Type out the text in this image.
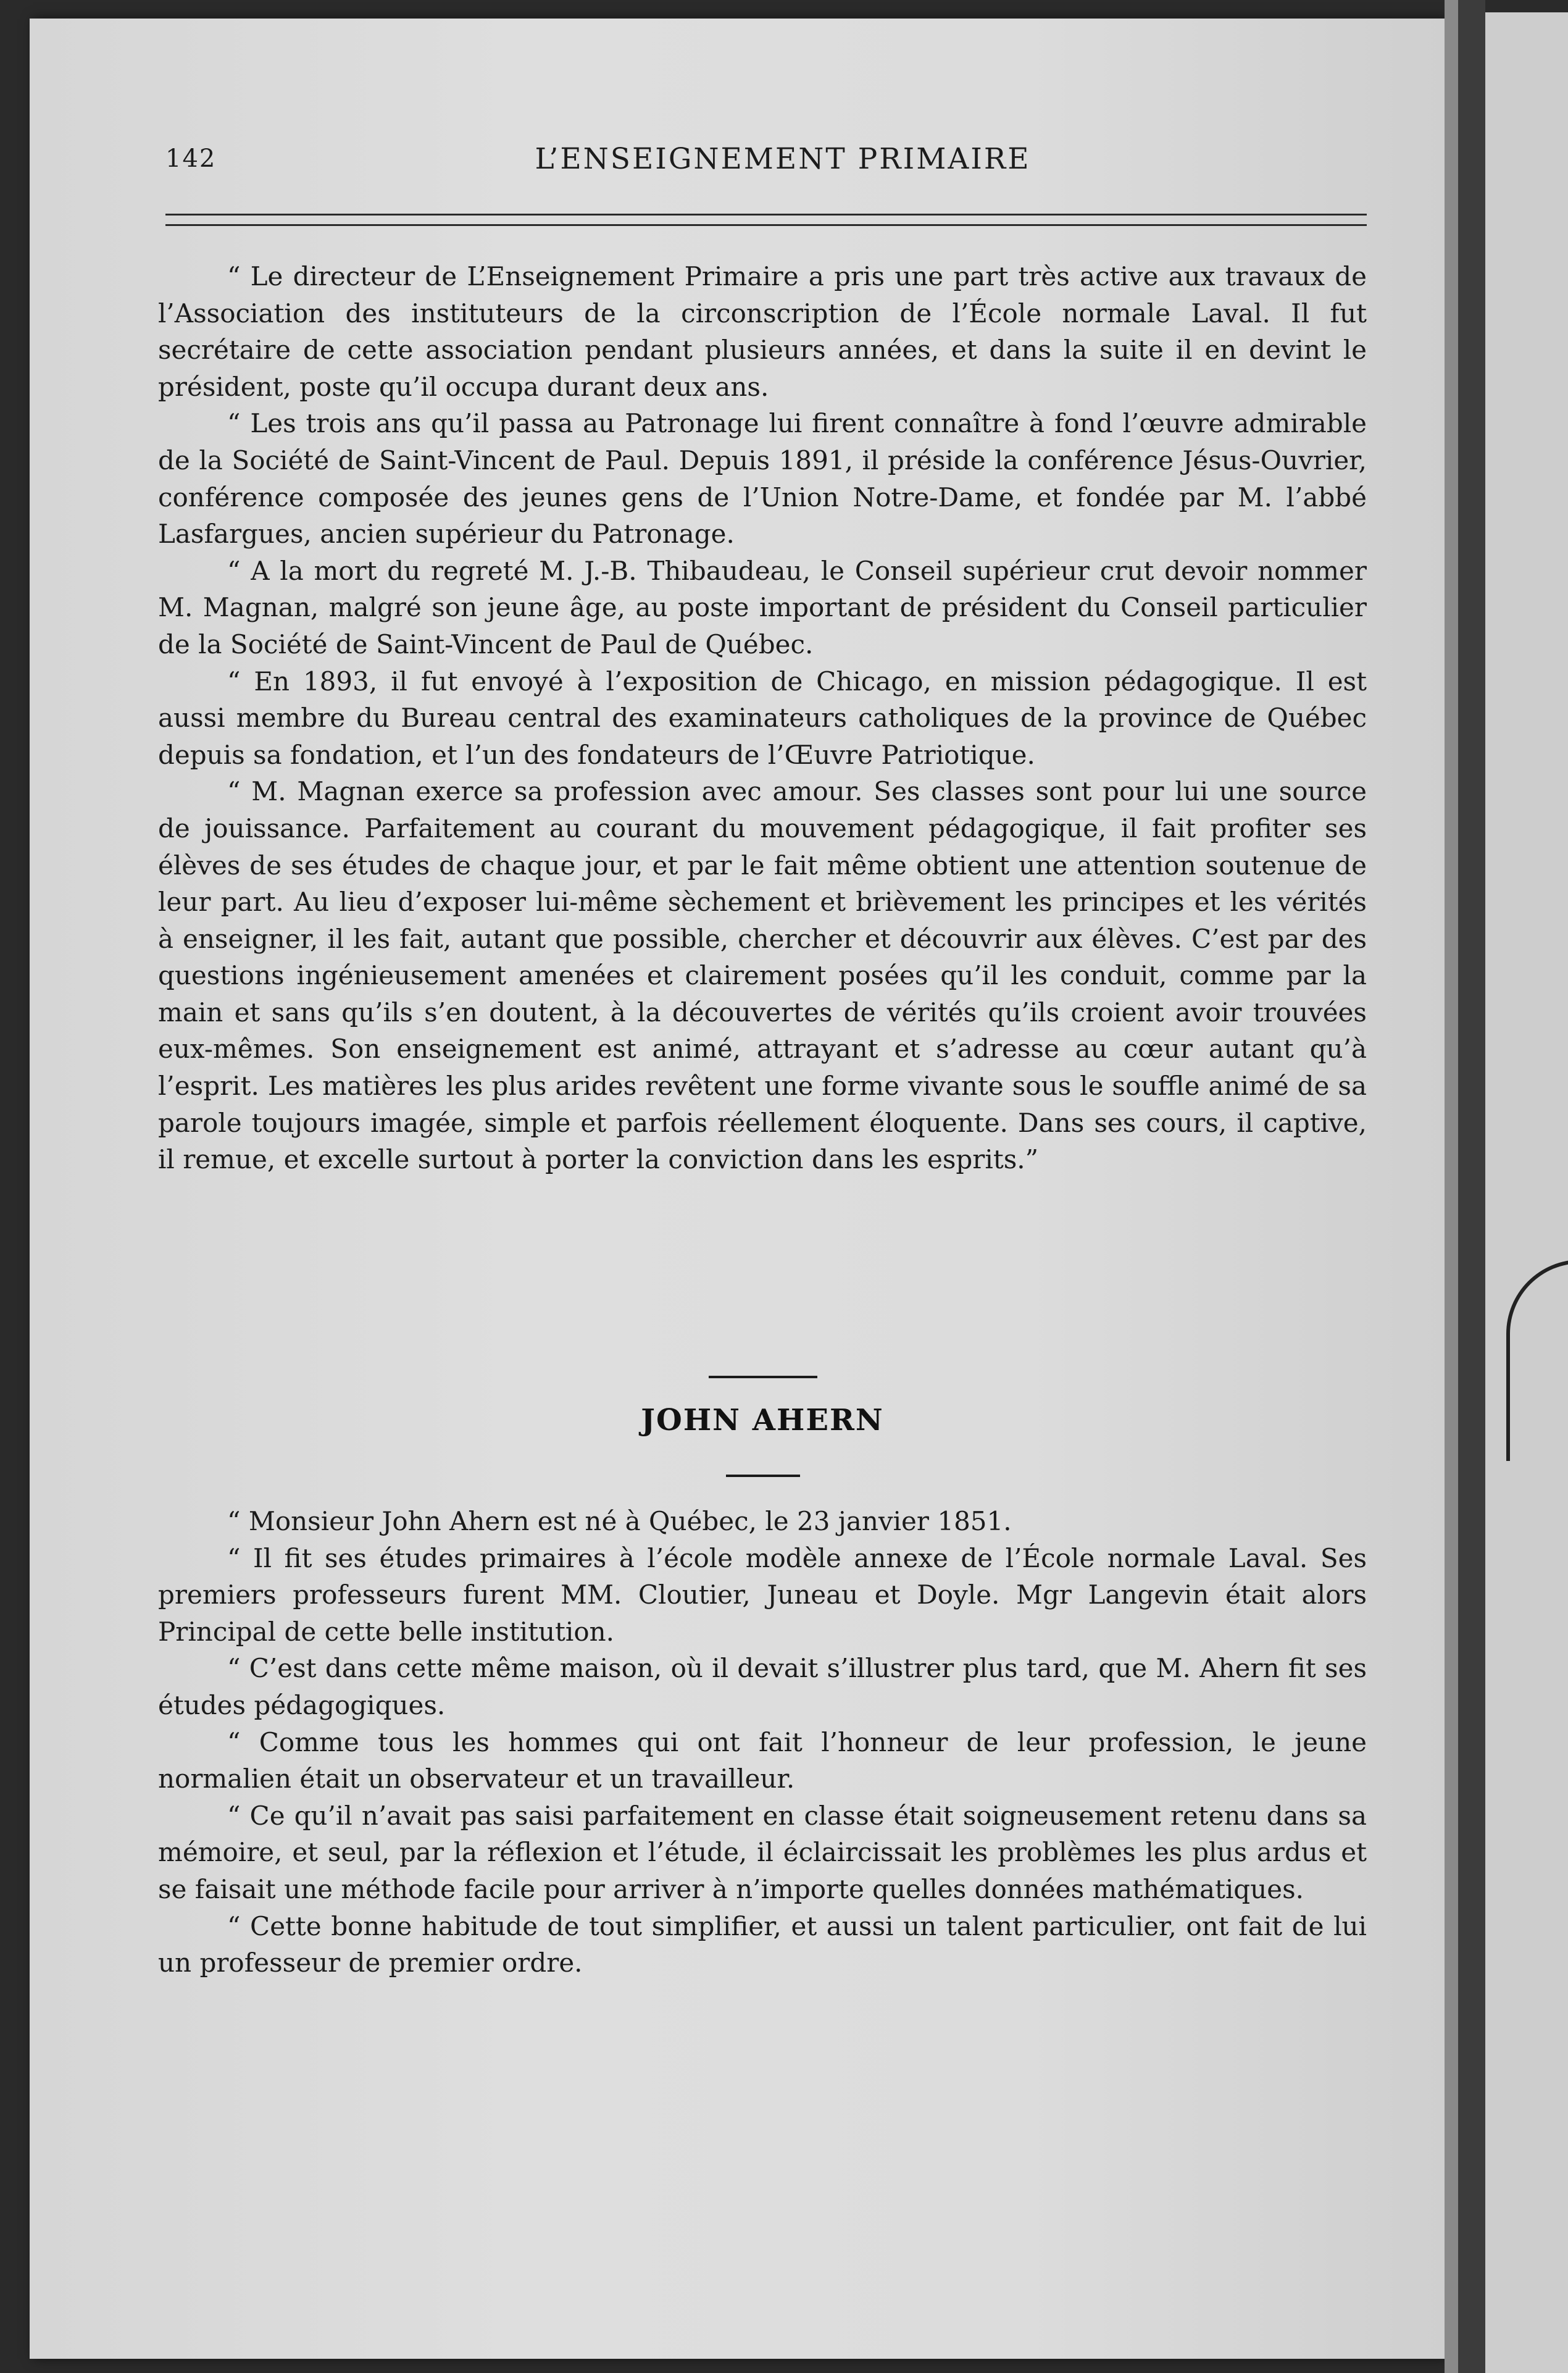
142	L’ENSEIGNEMENT PRIMAIRE

“ Le directeur de L’Enseignement Primaire a pris une part très active aux travaux de l’Association des instituteurs de la circonscription de l’École normale Laval. Il fut secrétaire de cette association pendant plusieurs années, et dans la suite il en devint le président, poste qu’il occupa durant deux ans.

“ Les trois ans qu’il passa au Patronage lui firent connaître à fond l’œuvre admirable de la Société de Saint-Vincent de Paul. Depuis 1891, il préside la conférence Jésus-Ouvrier, conférence composée des jeunes gens de l’Union Notre-Dame, et fondée par M. l’abbé Lasfargues, ancien supérieur du Patronage.

“ A la mort du regreté M. J.-B. Thibaudeau, le Conseil supérieur crut devoir nommer M. Magnan, malgré son jeune âge, au poste important de président du Conseil particulier de la Société de Saint-Vincent de Paul de Québec.

“ En 1893, il fut envoyé à l’exposition de Chicago, en mission pédagogique. Il est aussi membre du Bureau central des examinateurs catholiques de la province de Québec depuis sa fondation, et l’un des fondateurs de l’Œuvre Patriotique.

“ M. Magnan exerce sa profession avec amour. Ses classes sont pour lui une source de jouissance. Parfaitement au courant du mouvement pédagogique, il fait profiter ses élèves de ses études de chaque jour, et par le fait même obtient une attention soutenue de leur part. Au lieu d’exposer lui-même sèchement et brièvement les principes et les vérités à enseigner, il les fait, autant que possible, chercher et découvrir aux élèves. C’est par des questions ingénieusement amenées et clairement posées qu’il les conduit, comme par la main et sans qu’ils s’en doutent, à la découvertes de vérités qu’ils croient avoir trouvées eux-mêmes. Son enseignement est animé, attrayant et s’adresse au cœur autant qu’à l’esprit. Les matières les plus arides revêtent une forme vivante sous le souffle animé de sa parole toujours imagée, simple et parfois réellement éloquente. Dans ses cours, il captive, il remue, et excelle surtout à porter la conviction dans les esprits.”

JOHN AHERN

“ Monsieur John Ahern est né à Québec, le 23 janvier 1851.

“ Il fit ses études primaires à l’école modèle annexe de l’École normale Laval. Ses premiers professeurs furent MM. Cloutier, Juneau et Doyle. Mgr Langevin était alors Principal de cette belle institution.

“ C’est dans cette même maison, où il devait s’illustrer plus tard, que M. Ahern fit ses études pédagogiques.

“ Comme tous les hommes qui ont fait l’honneur de leur profession, le jeune normalien était un observateur et un travailleur.

“ Ce qu’il n’avait pas saisi parfaitement en classe était soigneusement retenu dans sa mémoire, et seul, par la réflexion et l’étude, il éclaircissait les problèmes les plus ardus et se faisait une méthode facile pour arriver à n’importe quelles données mathématiques.

“ Cette bonne habitude de tout simplifier, et aussi un talent particulier, ont fait de lui un professeur de premier ordre.
